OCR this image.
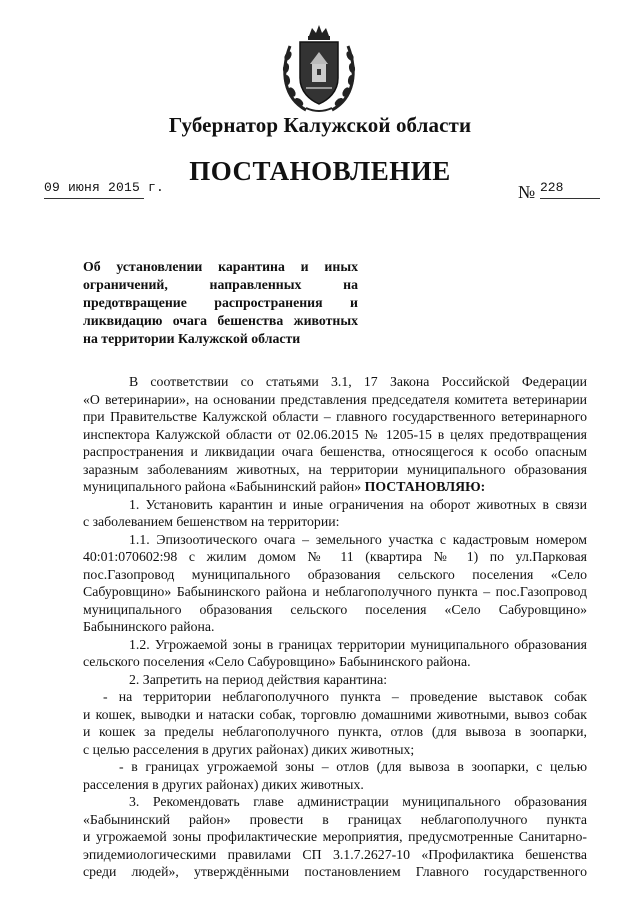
Губернатор Калужской области
ПОСТАНОВЛЕНИЕ
09 июня 2015 г.	№ 228
Об установлении карантина и иных
ограничений, направленных на
предотвращение распространения и
ликвидацию очага бешенства животных
на территории Калужской области
В соответствии со статьями 3.1, 17 Закона Российской Федерации
«О ветеринарии», на основании представления председателя комитета ветеринарии
при Правительстве Калужской области – главного государственного ветеринарного
инспектора Калужской области от 02.06.2015 № 1205-15 в целях предотвращения
распространения и ликвидации очага бешенства, относящегося к особо опасным
заразным заболеваниям животных, на территории муниципального образования
муниципального района «Бабынинский район» ПОСТАНОВЛЯЮ:
1. Установить карантин и иные ограничения на оборот животных в связи
с заболеванием бешенством на территории:
1.1. Эпизоотического очага – земельного участка с кадастровым номером
40:01:070602:98 с жилим домом № 11 (квартира № 1) по ул.Парковая
пос.Газопровод муниципального образования сельского поселения «Село
Сабуровщино» Бабынинского района и неблагополучного пункта – пос.Газопровод
муниципального образования сельского поселения «Село Сабуровщино»
Бабынинского района.
1.2. Угрожаемой зоны в границах территории муниципального образования
сельского поселения «Село Сабуровщино» Бабынинского района.
2. Запретить на период действия карантина:
- на территории неблагополучного пункта – проведение выставок собак
и кошек, выводки и натаски собак, торговлю домашними животными, вывоз собак
и кошек за пределы неблагополучного пункта, отлов (для вывоза в зоопарки,
с целью расселения в других районах) диких животных;
- в границах угрожаемой зоны – отлов (для вывоза в зоопарки, с целью
расселения в других районах) диких животных.
3. Рекомендовать главе администрации муниципального образования
«Бабынинский район» провести в границах неблагополучного пункта
и угрожаемой зоны профилактические мероприятия, предусмотренные Санитарно-
эпидемиологическими правилами СП 3.1.7.2627-10 «Профилактика бешенства
среди людей», утверждёнными постановлением Главного государственного
